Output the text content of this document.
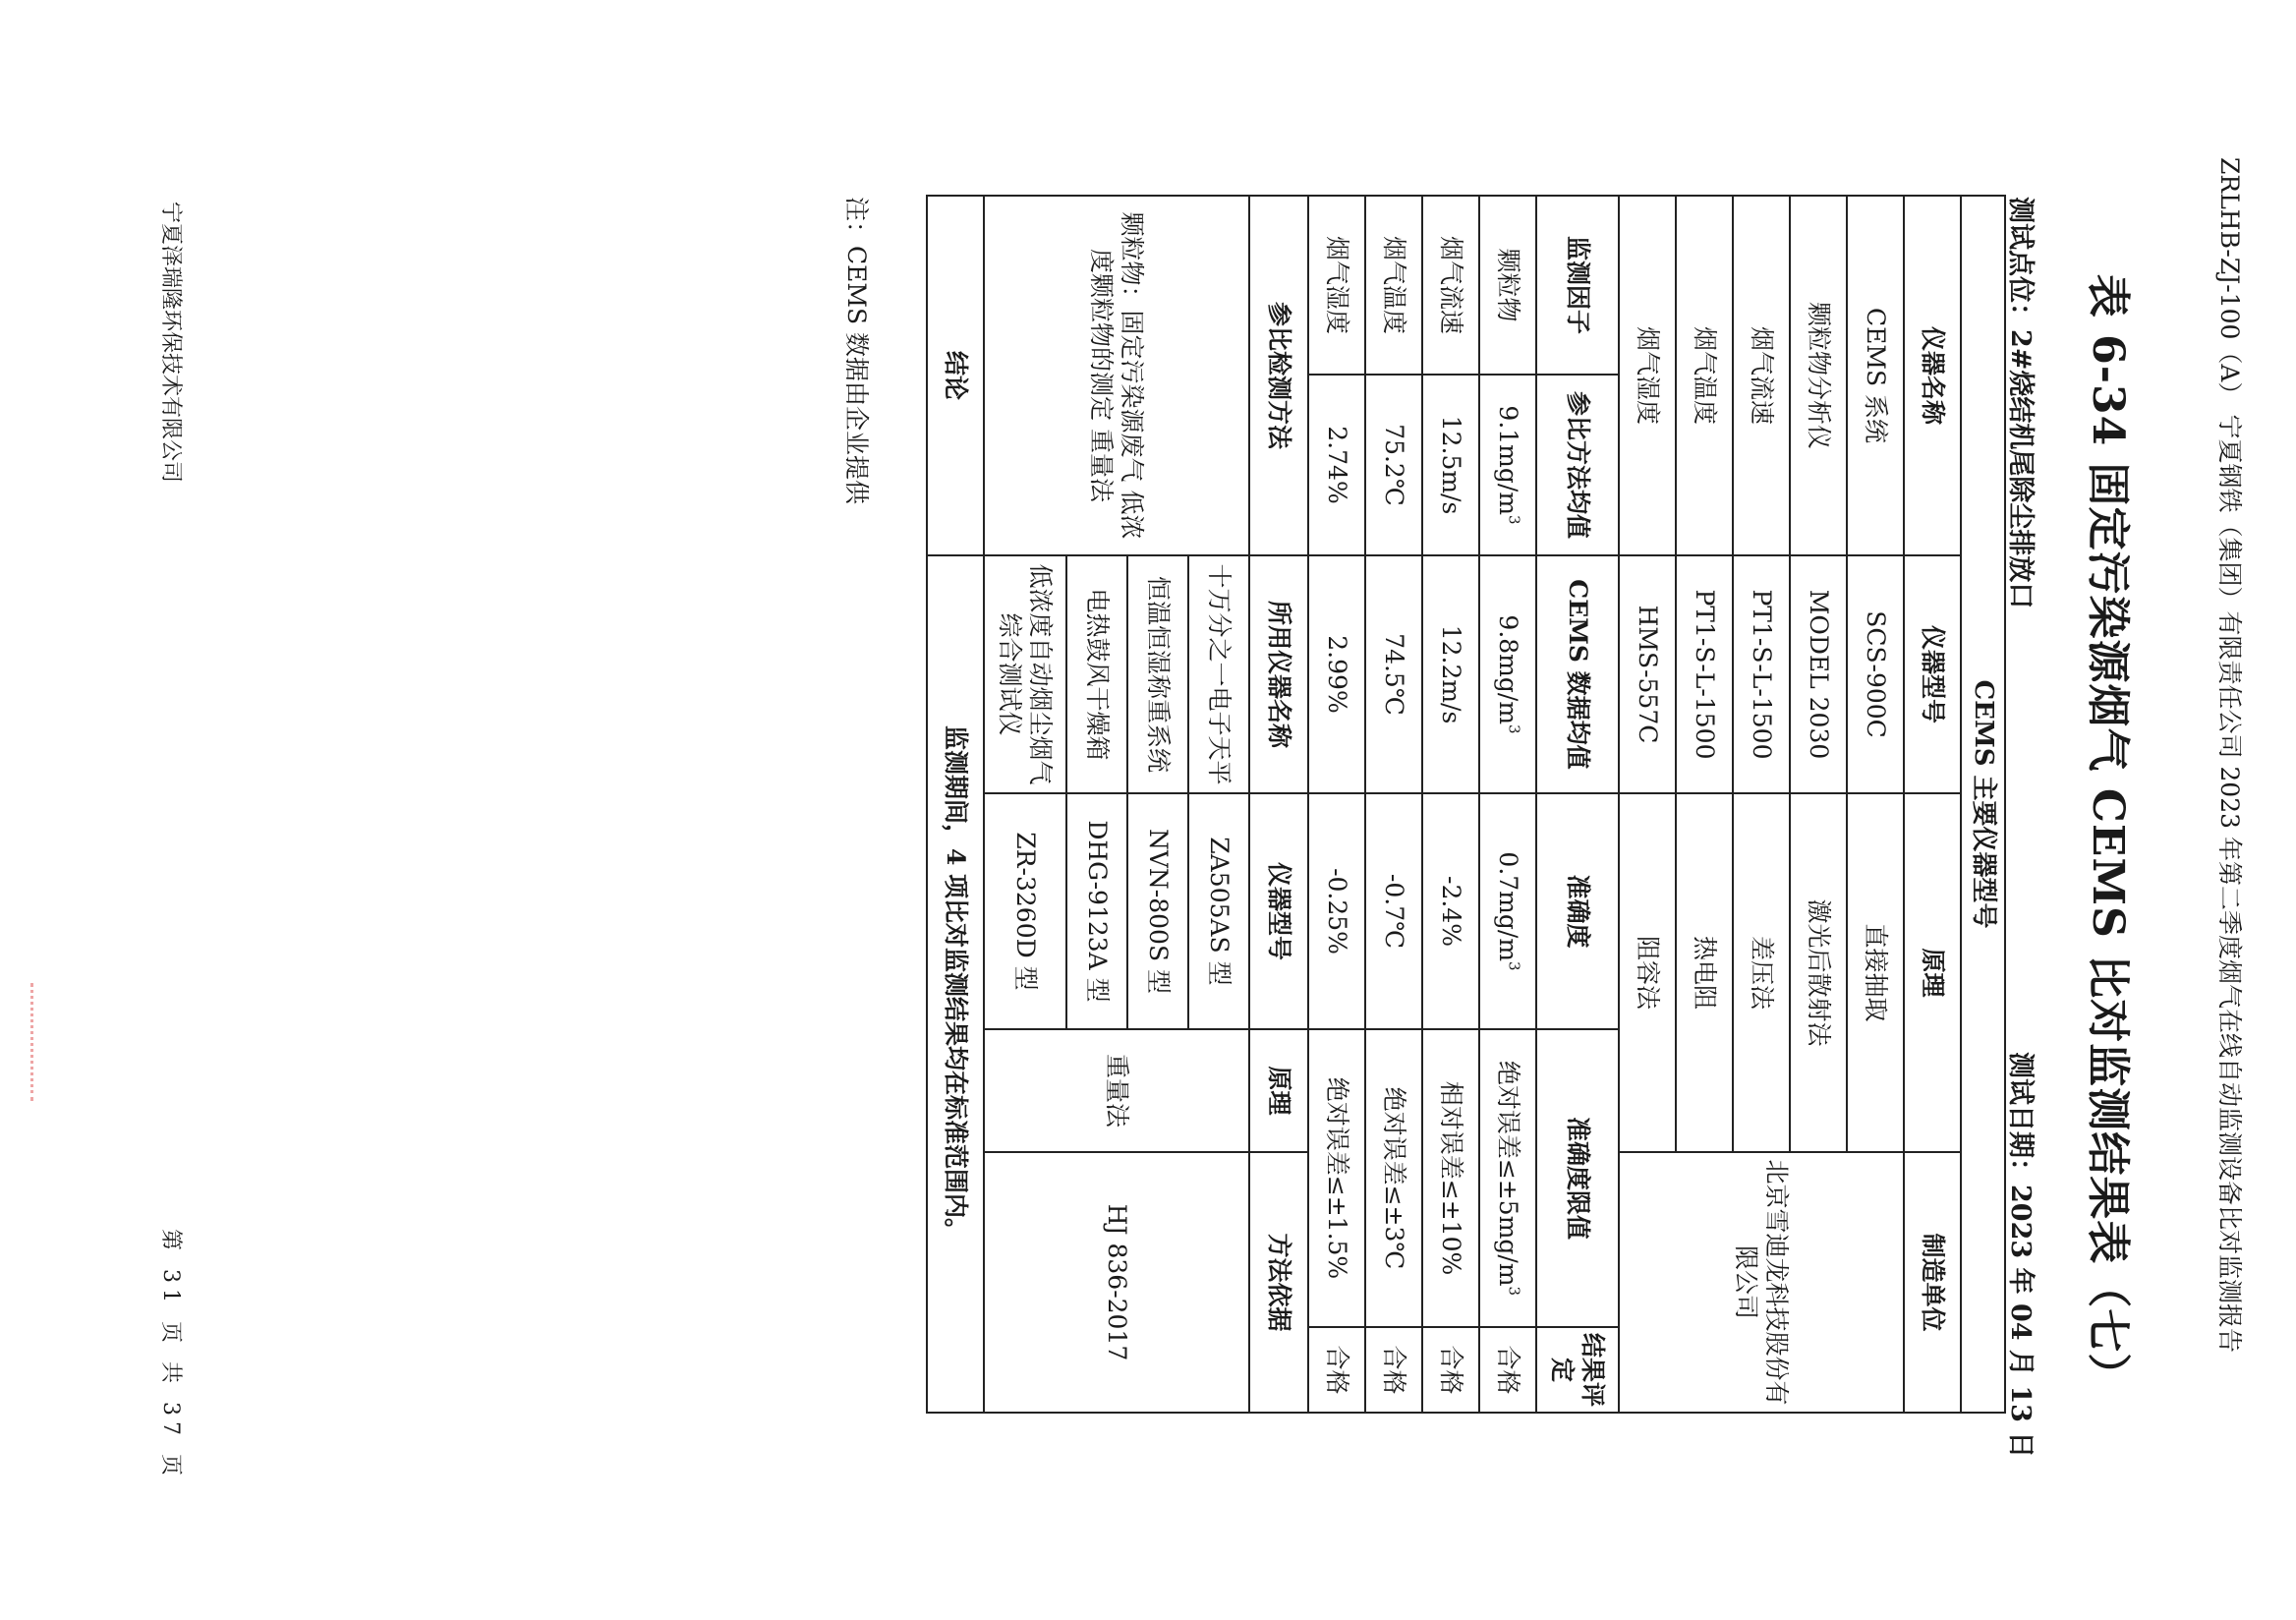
ZRLHB-ZJ-100（A） 宁夏钢铁（集团）有限责任公司 2023 年第二季度烟气在线自动监测设备比对监测报告
表 6-34 固定污染源烟气 CEMS 比对监测结果表（七）
测试点位：2#烧结机尾除尘排放口
测试日期：2023 年 04 月 13 日
CEMS 主要仪器型号						
仪器名称		仪器型号	原理		制造单位	
CEMS 系统		SCS-900C	直接抽取		北京雪迪龙科技股份有限公司	
颗粒物分析仪		MODEL 2030	激光后散射法			
烟气流速		PT1-S-L-1500	差压法			
烟气温度		PT1-S-L-1500	热电阻			
烟气湿度		HMS-557C	阻容法			
监测因子	参比方法均值	CEMS 数据均值	准确度	准确度限值		结果评定
颗粒物	$9.1mg/m^3$	$9.8mg/m^3$	$0.7mg/m^3$	绝对误差$\le\pm 5mg/m^3$		合格
烟气流速	12.5m/s	12.2m/s	-2.4%	相对误差≤±10%		合格
烟气温度	75.2℃	74.5℃	-0.7℃	绝对误差≤±3℃		合格
烟气湿度	2.74%	2.99%	-0.25%	绝对误差≤±1.5%		合格
参比检测方法		所用仪器名称	仪器型号	原理	方法依据	
颗粒物：固定污染源废气 低浓度颗粒物的测定 重量法		十万分之一电子天平	ZA505AS 型	重量法	HJ 836-2017	
		恒温恒湿称重系统	NVN-800S 型			
		电热鼓风干燥箱	DHG-9123A 型			
		低浓度自动烟尘烟气综合测试仪	ZR-3260D 型			
结论		监测期间，4 项比对监测结果均在标准范围内。				
注：CEMS 数据由企业提供
宁夏泽瑞隆环保技术有限公司
第 31 页 共 37 页
